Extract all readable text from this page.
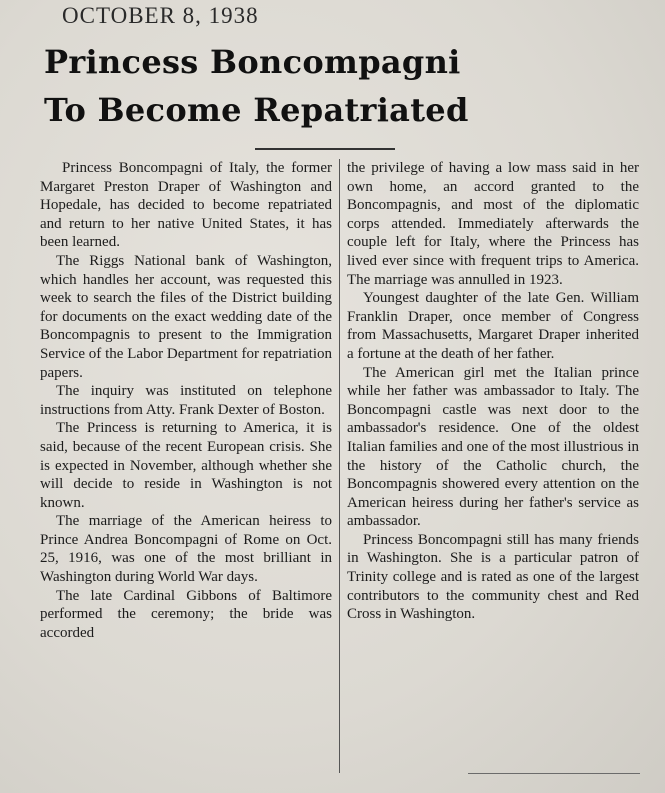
OCTOBER 8, 1938
Princess Boncompagni
To Become Repatriated

Princess Boncompagni of Italy, the former Margaret Preston Draper of Washington and Hopedale, has decided to become repatriated and return to her native United States, it has been learned.

The Riggs National bank of Washington, which handles her account, was requested this week to search the files of the District building for documents on the exact wedding date of the Boncompagnis to present to the Immigration Service of the Labor Department for repatriation papers.

The inquiry was instituted on telephone instructions from Atty. Frank Dexter of Boston.

The Princess is returning to America, it is said, because of the recent European crisis. She is expected in November, although whether she will decide to reside in Washington is not known.

The marriage of the American heiress to Prince Andrea Boncompagni of Rome on Oct. 25, 1916, was one of the most brilliant in Washington during World War days.

The late Cardinal Gibbons of Baltimore performed the ceremony; the bride was accorded

the privilege of having a low mass said in her own home, an accord granted to the Boncompagnis, and most of the diplomatic corps attended. Immediately afterwards the couple left for Italy, where the Princess has lived ever since with frequent trips to America. The marriage was annulled in 1923.

Youngest daughter of the late Gen. William Franklin Draper, once member of Congress from Massachusetts, Margaret Draper inherited a fortune at the death of her father.

The American girl met the Italian prince while her father was ambassador to Italy. The Boncompagni castle was next door to the ambassador's residence. One of the oldest Italian families and one of the most illustrious in the history of the Catholic church, the Boncompagnis showered every attention on the American heiress during her father's service as ambassador.

Princess Boncompagni still has many friends in Washington. She is a particular patron of Trinity college and is rated as one of the largest contributors to the community chest and Red Cross in Washington.
